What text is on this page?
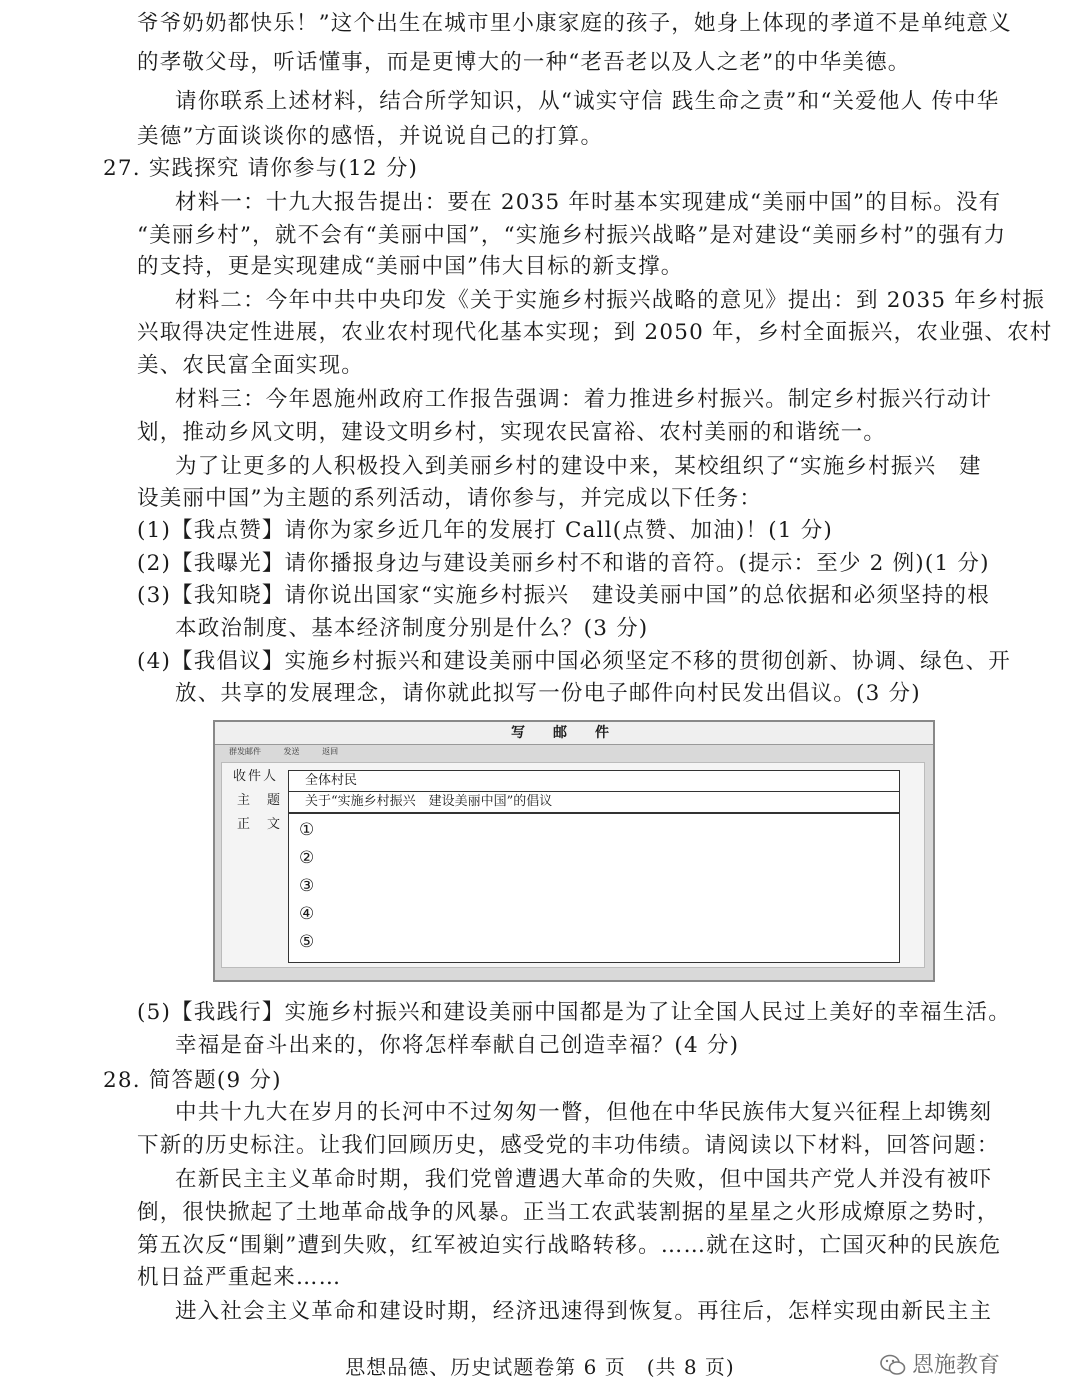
爷爷奶奶都快乐！”这个出生在城市里小康家庭的孩子，她身上体现的孝道不是单纯意义
的孝敬父母，听话懂事，而是更博大的一种“老吾老以及人之老”的中华美德。
请你联系上述材料，结合所学知识，从“诚实守信 践生命之责”和“关爱他人 传中华
美德”方面谈谈你的感悟，并说说自己的打算。
27. 实践探究 请你参与(12 分)
材料一：十九大报告提出：要在 2035 年时基本实现建成“美丽中国”的目标。没有
“美丽乡村”，就不会有“美丽中国”，“实施乡村振兴战略”是对建设“美丽乡村”的强有力
的支持，更是实现建成“美丽中国”伟大目标的新支撑。
材料二：今年中共中央印发《关于实施乡村振兴战略的意见》提出：到 2035 年乡村振
兴取得决定性进展，农业农村现代化基本实现；到 2050 年，乡村全面振兴，农业强、农村
美、农民富全面实现。
材料三：今年恩施州政府工作报告强调：着力推进乡村振兴。制定乡村振兴行动计
划，推动乡风文明，建设文明乡村，实现农民富裕、农村美丽的和谐统一。
为了让更多的人积极投入到美丽乡村的建设中来，某校组织了“实施乡村振兴　建
设美丽中国”为主题的系列活动，请你参与，并完成以下任务：
(1)【我点赞】请你为家乡近几年的发展打 Call(点赞、加油)！(1 分)
(2)【我曝光】请你播报身边与建设美丽乡村不和谐的音符。(提示：至少 2 例)(1 分)
(3)【我知晓】请你说出国家“实施乡村振兴　建设美丽中国”的总依据和必须坚持的根
本政治制度、基本经济制度分别是什么？(3 分)
(4)【我倡议】实施乡村振兴和建设美丽中国必须坚定不移的贯彻创新、协调、绿色、开
放、共享的发展理念，请你就此拟写一份电子邮件向村民发出倡议。(3 分)
(5)【我践行】实施乡村振兴和建设美丽中国都是为了让全国人民过上美好的幸福生活。
幸福是奋斗出来的，你将怎样奉献自己创造幸福？(4 分)
28. 简答题(9 分)
中共十九大在岁月的长河中不过匆匆一瞥，但他在中华民族伟大复兴征程上却镌刻
下新的历史标注。让我们回顾历史，感受党的丰功伟绩。请阅读以下材料，回答问题：
在新民主主义革命时期，我们党曾遭遇大革命的失败，但中国共产党人并没有被吓
倒，很快掀起了土地革命战争的风暴。正当工农武装割据的星星之火形成燎原之势时，
第五次反“围剿”遭到失败，红军被迫实行战略转移。……就在这时，亡国灭种的民族危
机日益严重起来……
进入社会主义革命和建设时期，经济迅速得到恢复。再往后，怎样实现由新民主主
写邮件
群发邮件	发送	返回
收件人	全体村民
主　题	关于“实施乡村振兴　建设美丽中国”的倡议
正　文 ①
②
③
④
⑤
思想品德、历史试题卷第 6 页　(共 8 页)	恩施教育
